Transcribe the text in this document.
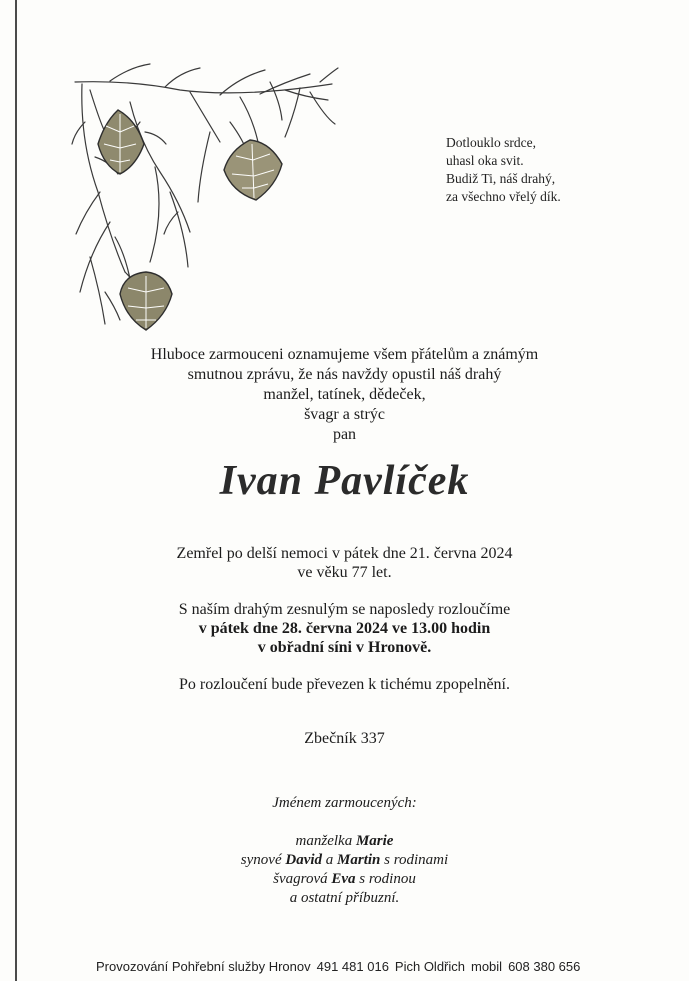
Dotlouklo srdce,
uhasl oka svit.
Budiž Ti, náš drahý,
za všechno vřelý dík.
Hluboce zarmouceni oznamujeme všem přátelům a známým
smutnou zprávu, že nás navždy opustil náš drahý
manžel, tatínek, dědeček,
švagr a strýc
pan
Ivan Pavlíček
Zemřel po delší nemoci v pátek dne 21. června 2024
ve věku 77 let.
S naším drahým zesnulým se naposledy rozloučíme
v pátek dne 28. června 2024 ve 13.00 hodin
v obřadní síni v Hronově.
Po rozloučení bude převezen k tichému zpopelnění.
Zbečník 337
Jménem zarmoucených:
manželka Marie
synové David a Martin s rodinami
švagrová Eva s rodinou
a ostatní příbuzní.
Provozování Pohřební služby Hronov 491 481 016 Pich Oldřich mobil 608 380 656
